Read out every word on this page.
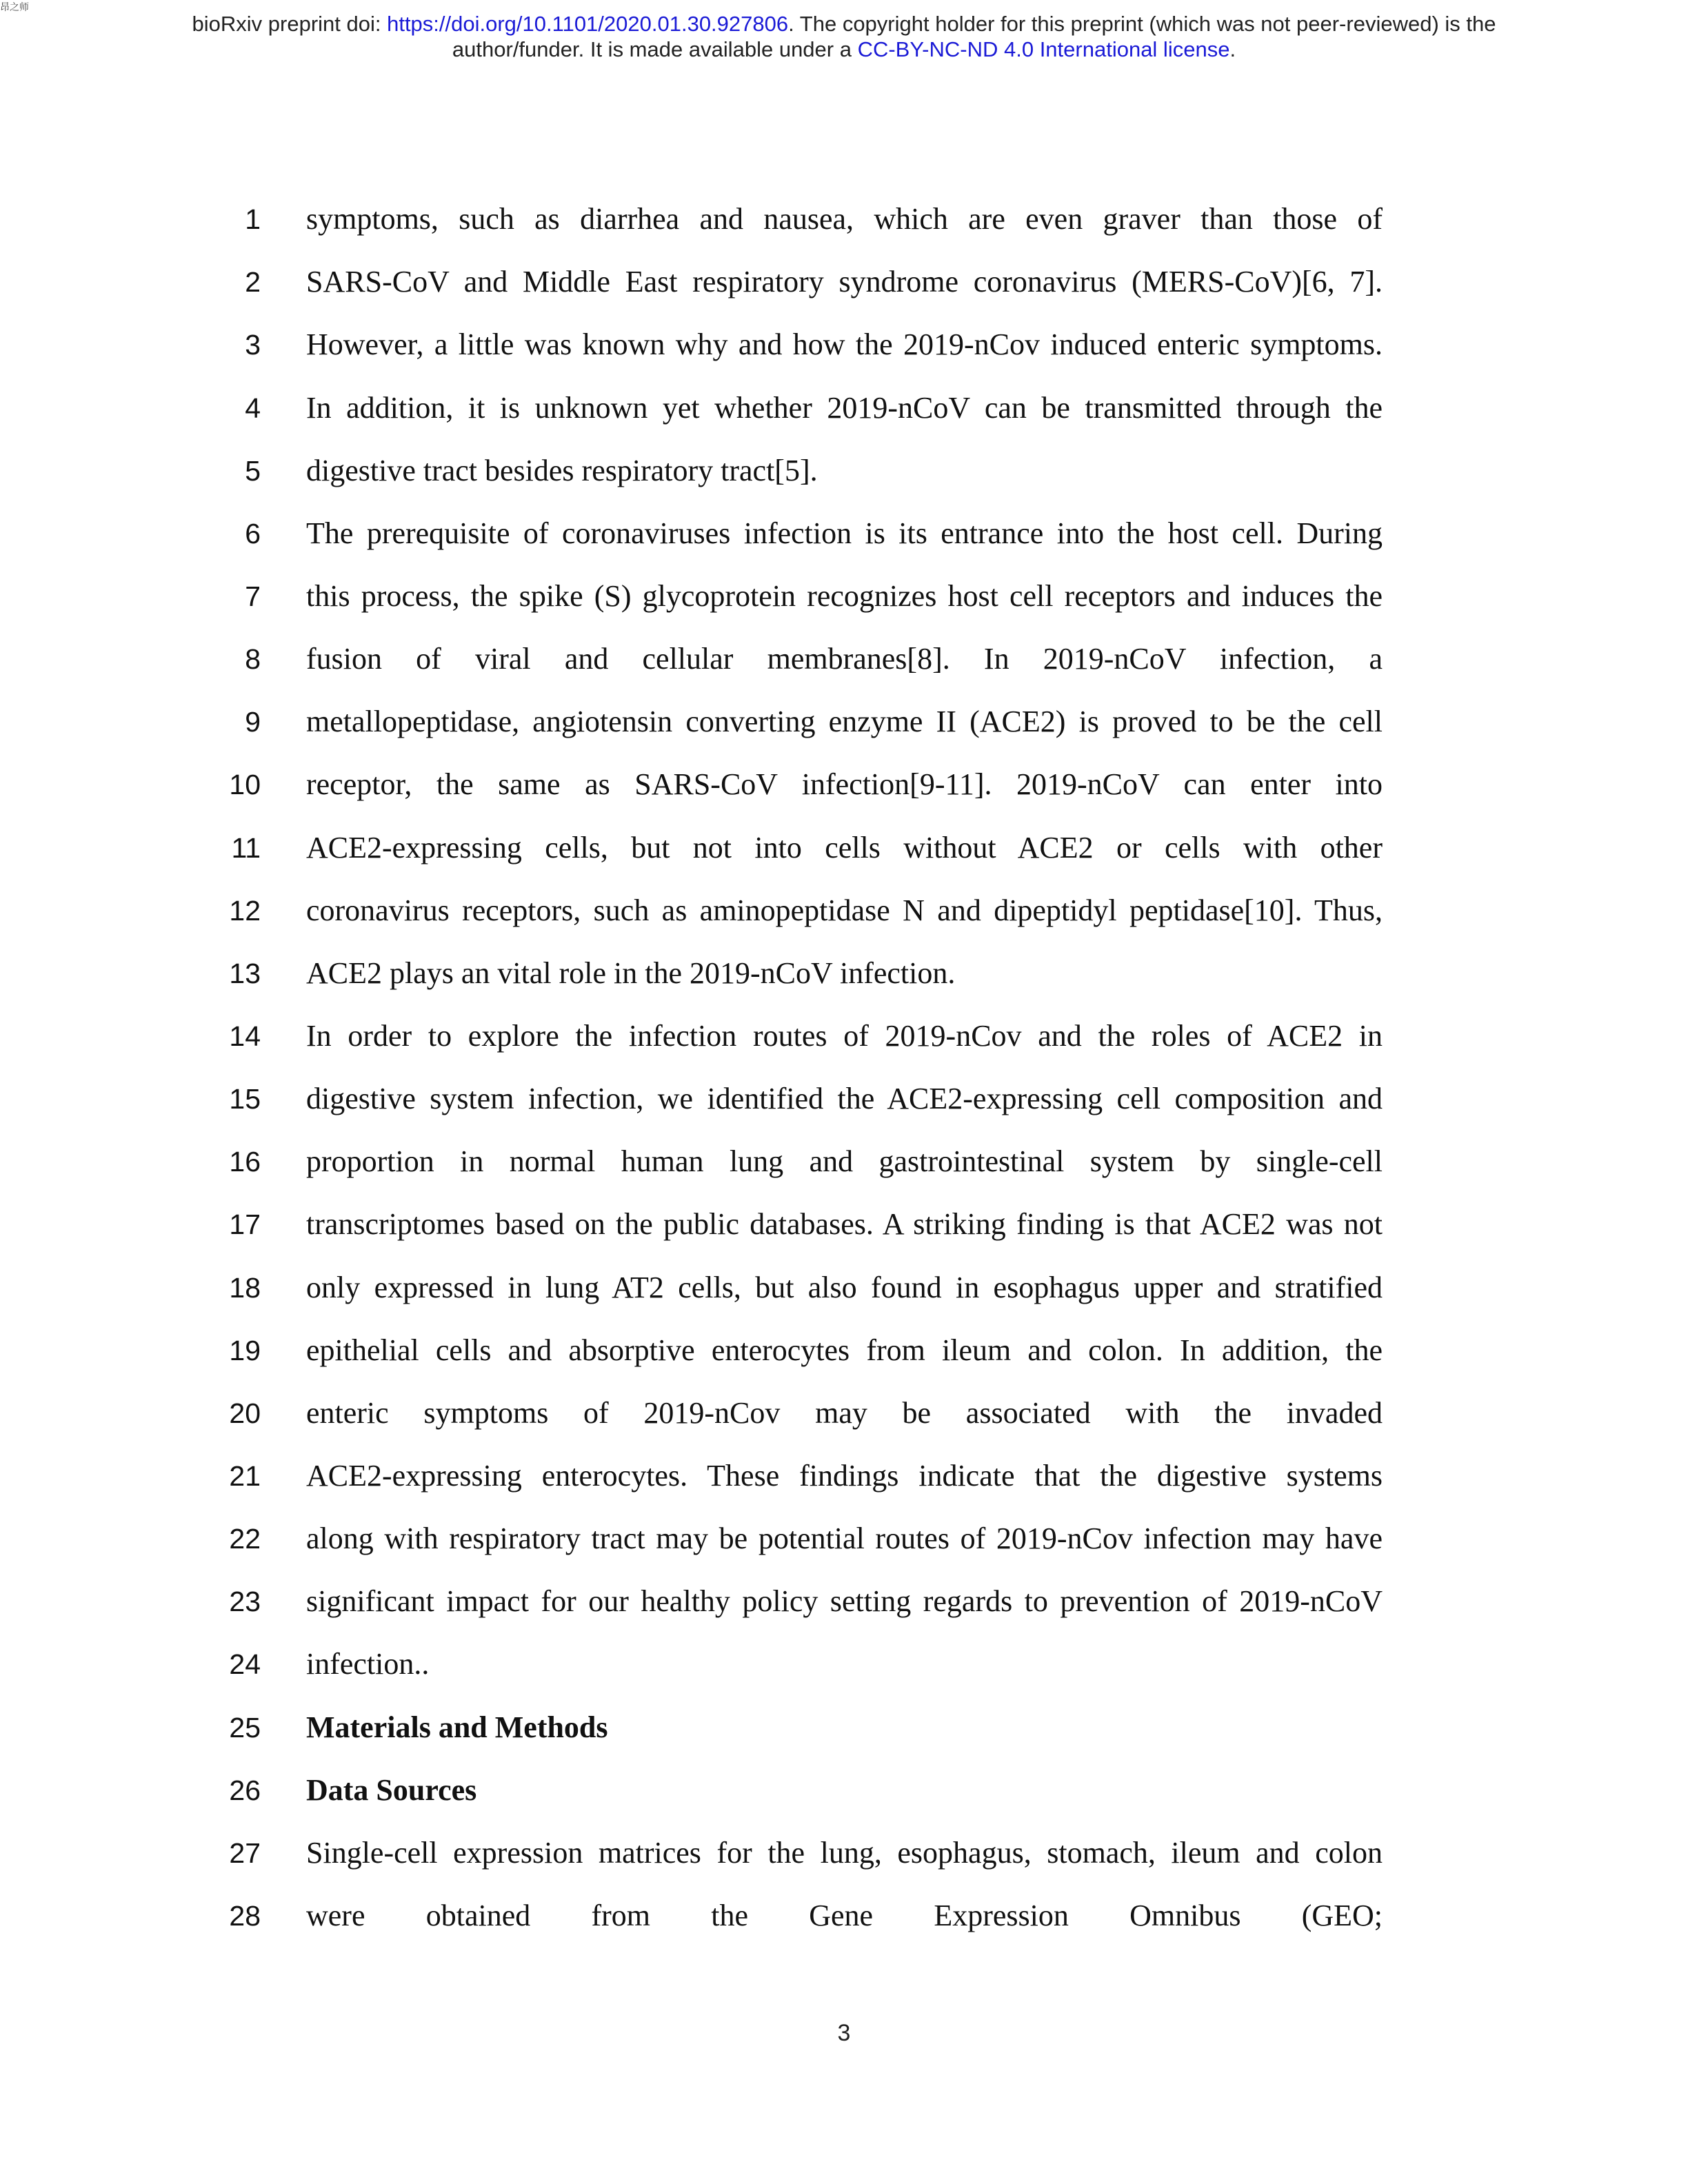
昂之师
bioRxiv preprint doi: https://doi.org/10.1101/2020.01.30.927806. The copyright holder for this preprint (which was not peer-reviewed) is the
author/funder. It is made available under a CC-BY-NC-ND 4.0 International license.
1 symptoms, such as diarrhea and nausea, which are even graver than those of
2 SARS-CoV and Middle East respiratory syndrome coronavirus (MERS-CoV)[6, 7].
3 However, a little was known why and how the 2019-nCov induced enteric symptoms.
4 In addition, it is unknown yet whether 2019-nCoV can be transmitted through the
5 digestive tract besides respiratory tract[5].
6 The prerequisite of coronaviruses infection is its entrance into the host cell. During
7 this process, the spike (S) glycoprotein recognizes host cell receptors and induces the
8 fusion of viral and cellular membranes[8]. In 2019-nCoV infection, a
9 metallopeptidase, angiotensin converting enzyme II (ACE2) is proved to be the cell
10 receptor, the same as SARS-CoV infection[9-11]. 2019-nCoV can enter into
11 ACE2-expressing cells, but not into cells without ACE2 or cells with other
12 coronavirus receptors, such as aminopeptidase N and dipeptidyl peptidase[10]. Thus,
13 ACE2 plays an vital role in the 2019-nCoV infection.
14 In order to explore the infection routes of 2019-nCov and the roles of ACE2 in
15 digestive system infection, we identified the ACE2-expressing cell composition and
16 proportion in normal human lung and gastrointestinal system by single-cell
17 transcriptomes based on the public databases. A striking finding is that ACE2 was not
18 only expressed in lung AT2 cells, but also found in esophagus upper and stratified
19 epithelial cells and absorptive enterocytes from ileum and colon. In addition, the
20 enteric symptoms of 2019-nCov may be associated with the invaded
21 ACE2-expressing enterocytes. These findings indicate that the digestive systems
22 along with respiratory tract may be potential routes of 2019-nCov infection may have
23 significant impact for our healthy policy setting regards to prevention of 2019-nCoV
24 infection..
25 Materials and Methods
26 Data Sources
27 Single-cell expression matrices for the lung, esophagus, stomach, ileum and colon
28 were obtained from the Gene Expression Omnibus (GEO;
3
